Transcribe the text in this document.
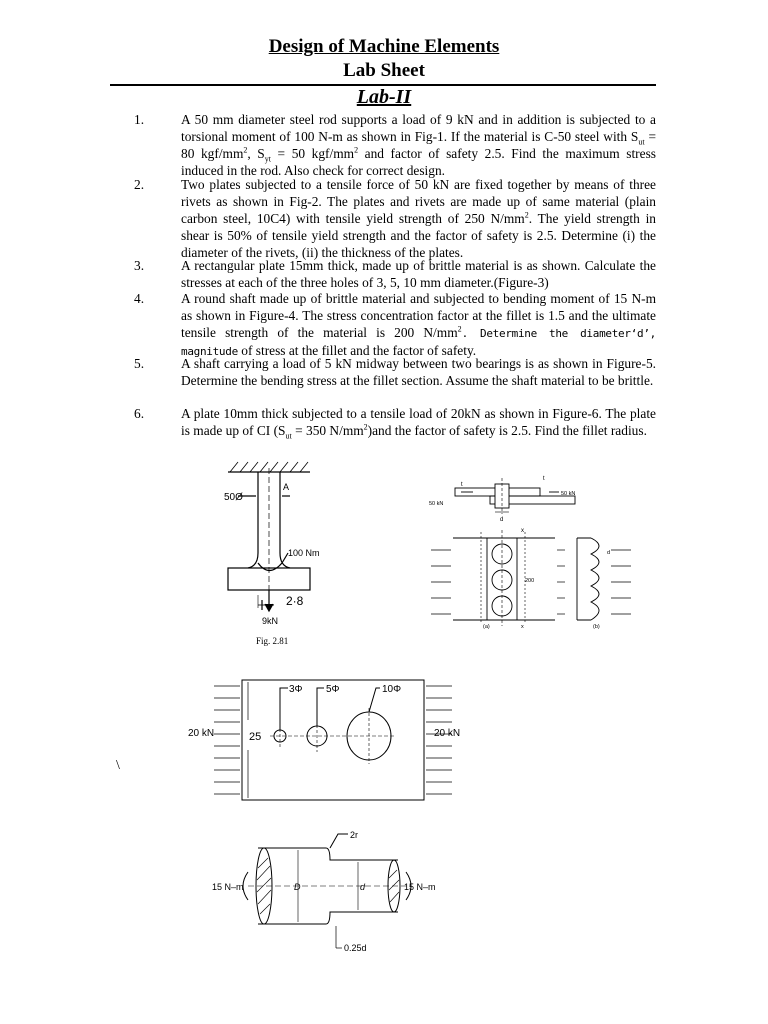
Design of Machine Elements
Lab Sheet
Lab-II
1.	A 50 mm diameter steel rod supports a load of 9 kN and in addition is subjected to a torsional moment of 100 N-m as shown in Fig-1. If the material is C-50 steel with $S_{ut} = 80$ kgf/$mm^2$, $S_{yt} = 50$ kgf/$mm^2$ and factor of safety 2.5. Find the maximum stress induced in the rod. Also check for correct design.
2.	Two plates subjected to a tensile force of 50 kN are fixed together by means of three rivets as shown in Fig-2. The plates and rivets are made up of same material (plain carbon steel, 10C4) with tensile yield strength of 250 $N/mm^2$. The yield strength in shear is 50% of tensile yield strength and the factor of safety is 2.5. Determine (i) the diameter of the rivets, (ii) the thickness of the plates.
3.	A rectangular plate 15mm thick, made up of brittle material is as shown. Calculate the stresses at each of the three holes of 3, 5, 10 mm diameter.(Figure-3)
4.	A round shaft made up of brittle material and subjected to bending moment of 15 N-m as shown in Figure-4. The stress concentration factor at the fillet is 1.5 and the ultimate tensile strength of the material is 200 $N/mm^2$. Determine the diameter‘d’, magnitude of stress at the fillet and the factor of safety.
5.	A shaft carrying a load of 5 kN midway between two bearings is as shown in Figure-5. Determine the bending stress at the fillet section. Assume the shaft material to be brittle.
6.	A plate 10mm thick subjected to a tensile load of 20kN as shown in Figure-6. The plate is made up of CI ($S_{ut} = 350$ $N/mm^2)and$ the factor of safety is 2.5. Find the fillet radius.
A
50Ø
100 Nm
2·8
9kN
Fig. 2.81
t
t
50 kN
50 kN
d
x
200
d
(a)	x	(b)
3Φ 5Φ	10Φ
20 kN	20 kN
25
\
2r
D	d
15 N–m	15 N–m
0.25d
